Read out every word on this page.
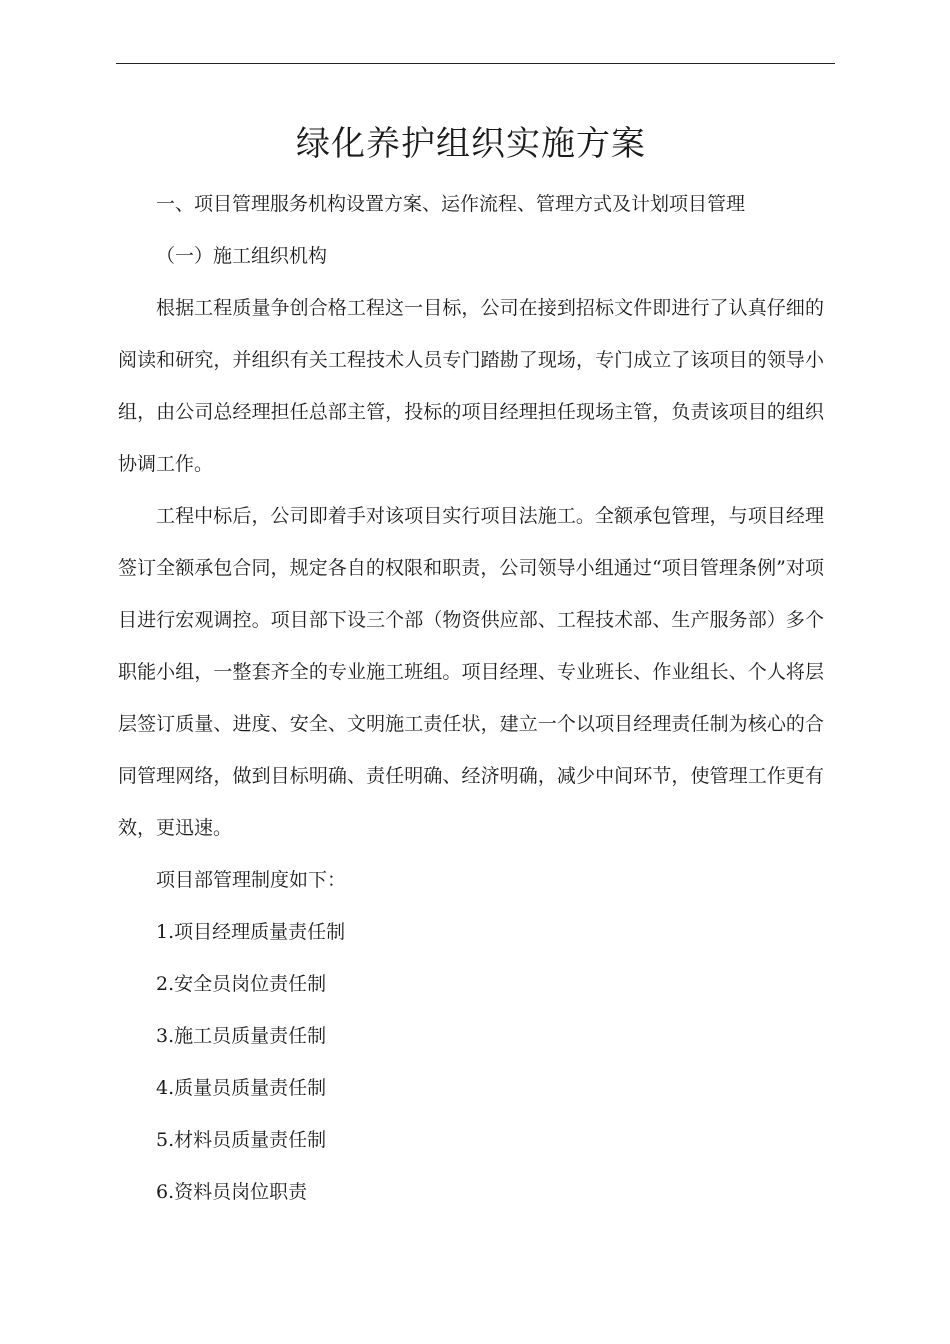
绿化养护组织实施方案

一、项目管理服务机构设置方案、运作流程、管理方式及计划项目管理

（一）施工组织机构

根据工程质量争创合格工程这一目标，公司在接到招标文件即进行了认真仔细的阅读和研究，并组织有关工程技术人员专门踏勘了现场，专门成立了该项目的领导小组，由公司总经理担任总部主管，投标的项目经理担任现场主管，负责该项目的组织协调工作。

工程中标后，公司即着手对该项目实行项目法施工。全额承包管理，与项目经理签订全额承包合同，规定各自的权限和职责，公司领导小组通过“项目管理条例”对项目进行宏观调控。项目部下设三个部（物资供应部、工程技术部、生产服务部）多个职能小组，一整套齐全的专业施工班组。项目经理、专业班长、作业组长、个人将层层签订质量、进度、安全、文明施工责任状，建立一个以项目经理责任制为核心的合同管理网络，做到目标明确、责任明确、经济明确，减少中间环节，使管理工作更有效，更迅速。

项目部管理制度如下：

1.项目经理质量责任制
2.安全员岗位责任制
3.施工员质量责任制
4.质量员质量责任制
5.材料员质量责任制
6.资料员岗位职责
